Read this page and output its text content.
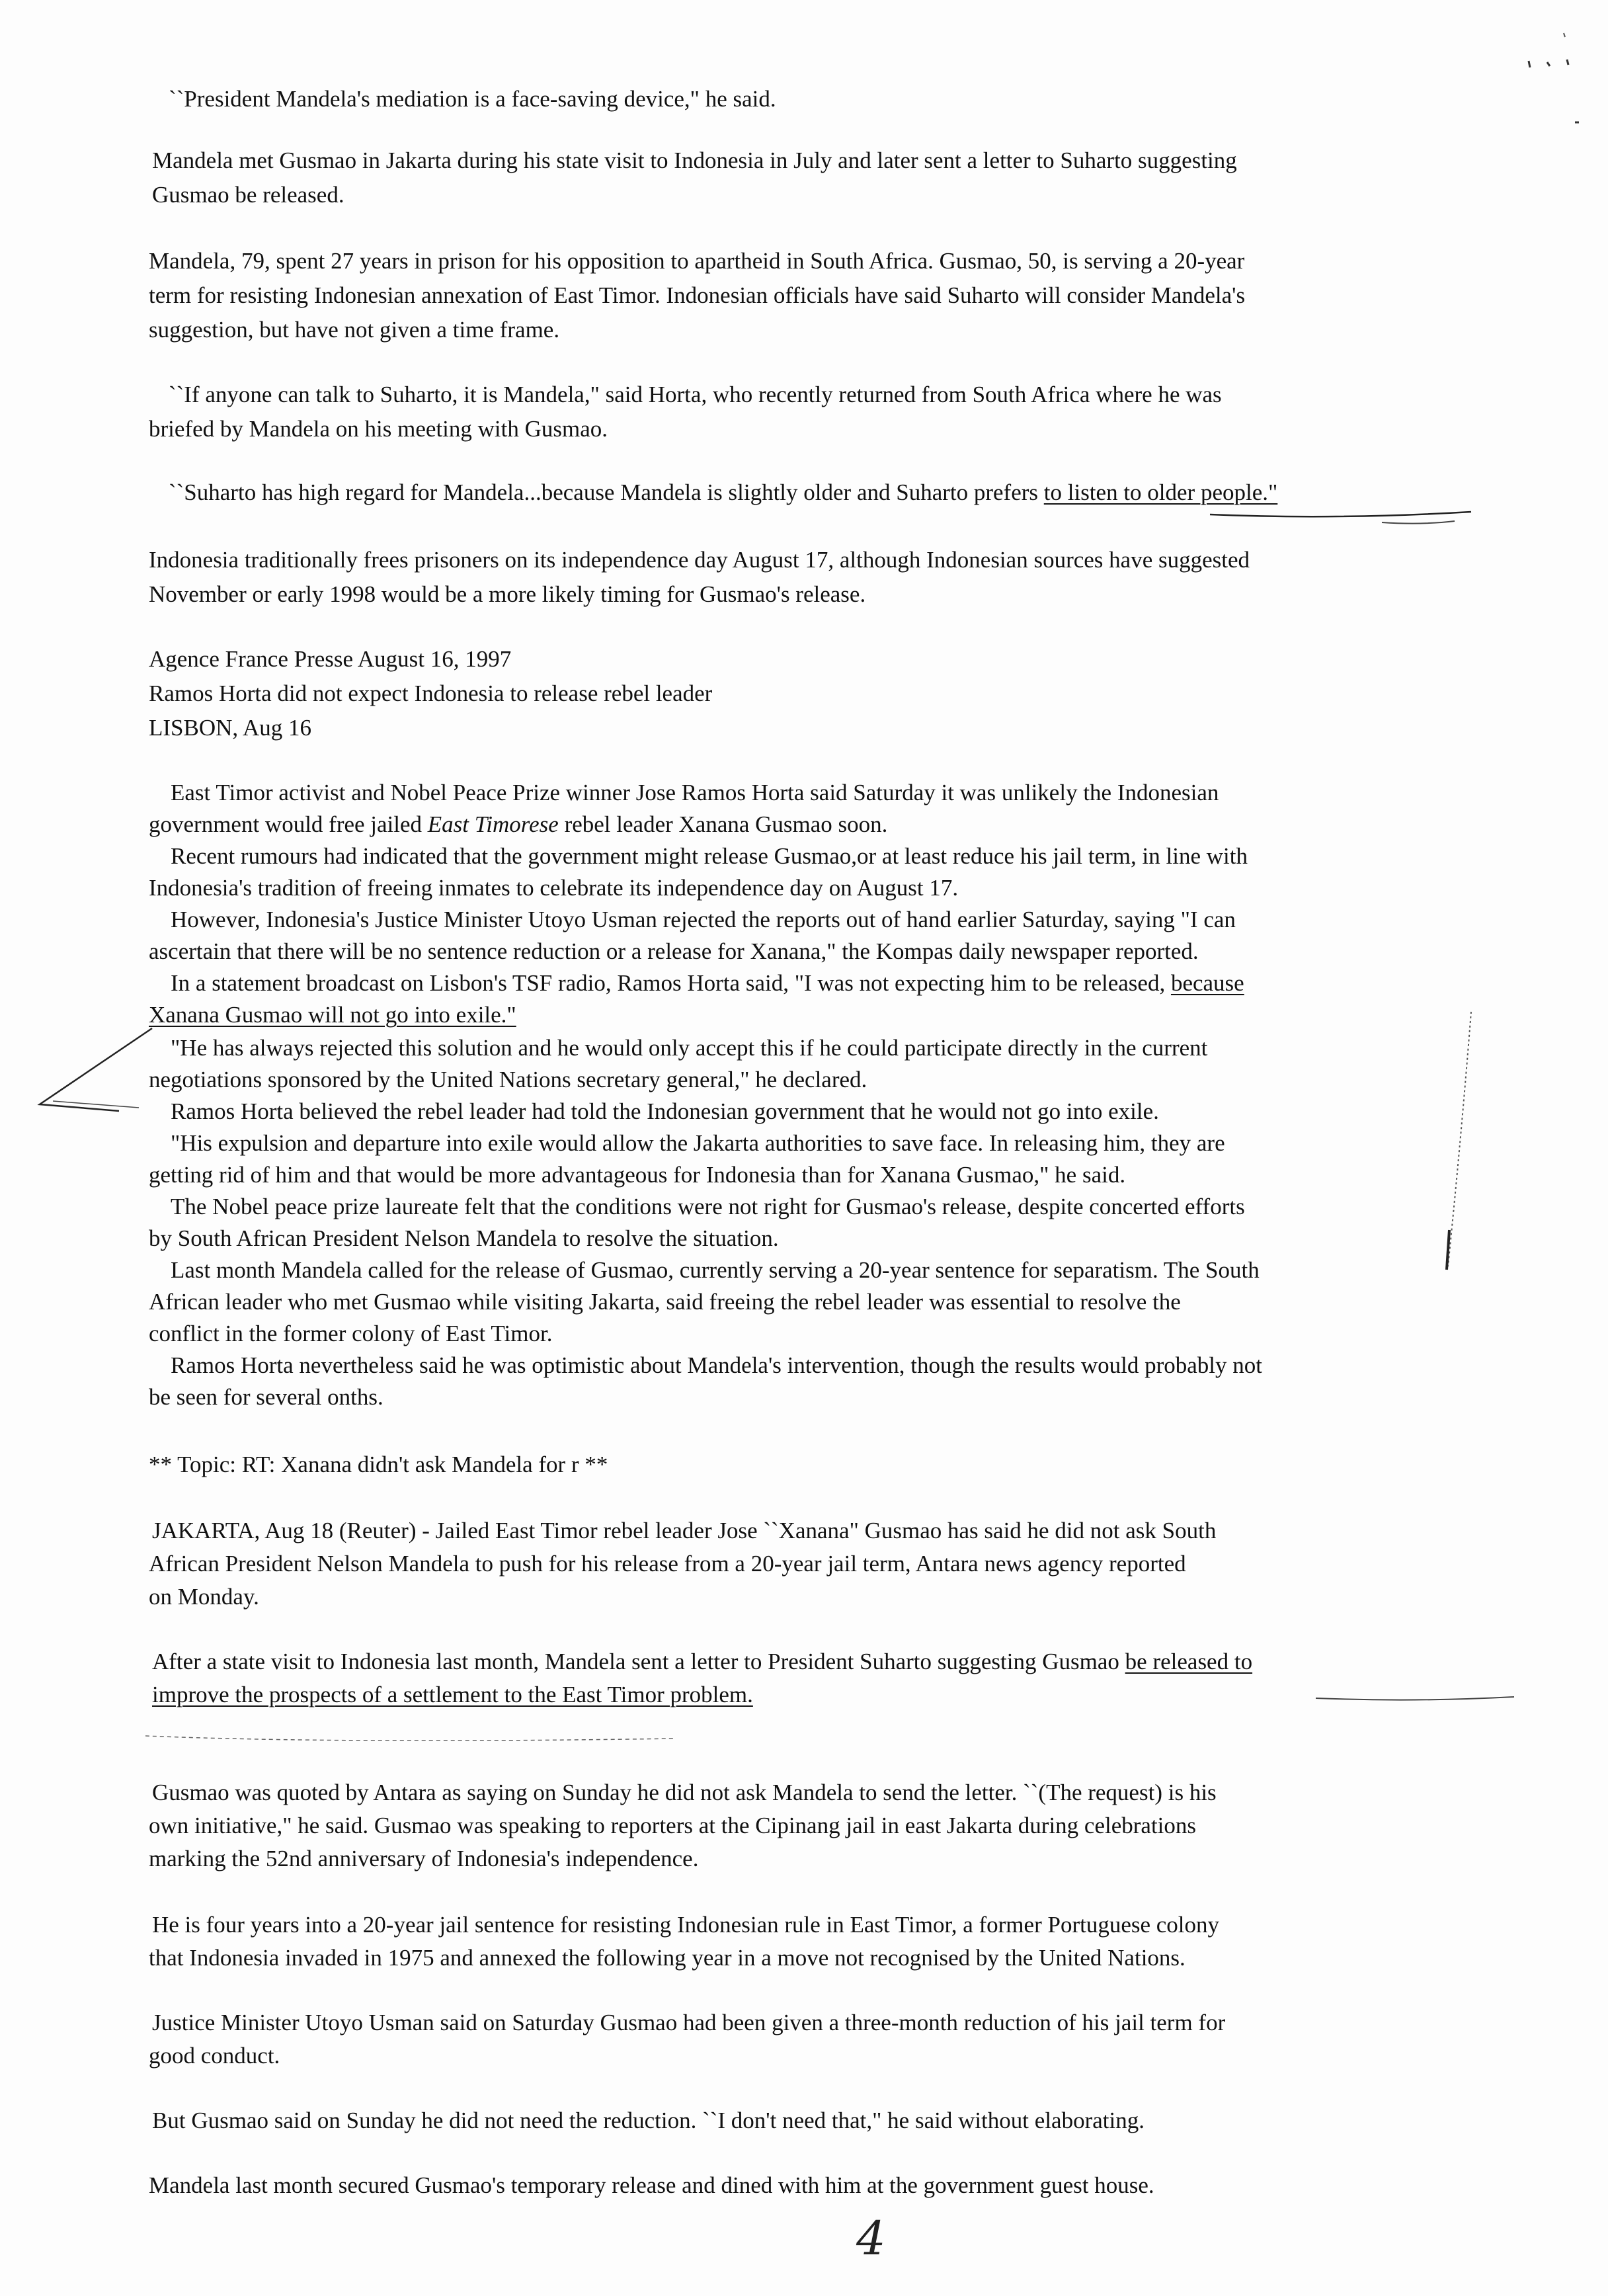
``President Mandela's mediation is a face-saving device," he said.
Mandela met Gusmao in Jakarta during his state visit to Indonesia in July and later sent a letter to Suharto suggesting
Gusmao be released.
Mandela, 79, spent 27 years in prison for his opposition to apartheid in South Africa. Gusmao, 50, is serving a 20-year
term for resisting Indonesian annexation of East Timor. Indonesian officials have said Suharto will consider Mandela's
suggestion, but have not given a time frame.
``If anyone can talk to Suharto, it is Mandela," said Horta, who recently returned from South Africa where he was
briefed by Mandela on his meeting with Gusmao.
``Suharto has high regard for Mandela...because Mandela is slightly older and Suharto prefers to listen to older people."
Indonesia traditionally frees prisoners on its independence day August 17, although Indonesian sources have suggested
November or early 1998 would be a more likely timing for Gusmao's release.
Agence France Presse August 16, 1997
Ramos Horta did not expect Indonesia to release rebel leader
LISBON, Aug 16
East Timor activist and Nobel Peace Prize winner Jose Ramos Horta said Saturday it was unlikely the Indonesian
government would free jailed East Timorese rebel leader Xanana Gusmao soon.
Recent rumours had indicated that the government might release Gusmao,or at least reduce his jail term, in line with
Indonesia's tradition of freeing inmates to celebrate its independence day on August 17.
However, Indonesia's Justice Minister Utoyo Usman rejected the reports out of hand earlier Saturday, saying "I can
ascertain that there will be no sentence reduction or a release for Xanana," the Kompas daily newspaper reported.
In a statement broadcast on Lisbon's TSF radio, Ramos Horta said, "I was not expecting him to be released, because
Xanana Gusmao will not go into exile."
"He has always rejected this solution and he would only accept this if he could participate directly in the current
negotiations sponsored by the United Nations secretary general," he declared.
Ramos Horta believed the rebel leader had told the Indonesian government that he would not go into exile.
"His expulsion and departure into exile would allow the Jakarta authorities to save face. In releasing him, they are
getting rid of him and that would be more advantageous for Indonesia than for Xanana Gusmao," he said.
The Nobel peace prize laureate felt that the conditions were not right for Gusmao's release, despite concerted efforts
by South African President Nelson Mandela to resolve the situation.
Last month Mandela called for the release of Gusmao, currently serving a 20-year sentence for separatism. The South
African leader who met Gusmao while visiting Jakarta, said freeing the rebel leader was essential to resolve the
conflict in the former colony of East Timor.
Ramos Horta nevertheless said he was optimistic about Mandela's intervention, though the results would probably not
be seen for several onths.
** Topic: RT: Xanana didn't ask Mandela for r **
JAKARTA, Aug 18 (Reuter) - Jailed East Timor rebel leader Jose ``Xanana" Gusmao has said he did not ask South
African President Nelson Mandela to push for his release from a 20-year jail term, Antara news agency reported
on Monday.
After a state visit to Indonesia last month, Mandela sent a letter to President Suharto suggesting Gusmao be released to
improve the prospects of a settlement to the East Timor problem.
Gusmao was quoted by Antara as saying on Sunday he did not ask Mandela to send the letter. ``(The request) is his
own initiative," he said. Gusmao was speaking to reporters at the Cipinang jail in east Jakarta during celebrations
marking the 52nd anniversary of Indonesia's independence.
He is four years into a 20-year jail sentence for resisting Indonesian rule in East Timor, a former Portuguese colony
that Indonesia invaded in 1975 and annexed the following year in a move not recognised by the United Nations.
Justice Minister Utoyo Usman said on Saturday Gusmao had been given a three-month reduction of his jail term for
good conduct.
But Gusmao said on Sunday he did not need the reduction. ``I don't need that," he said without elaborating.
Mandela last month secured Gusmao's temporary release and dined with him at the government guest house.
4
